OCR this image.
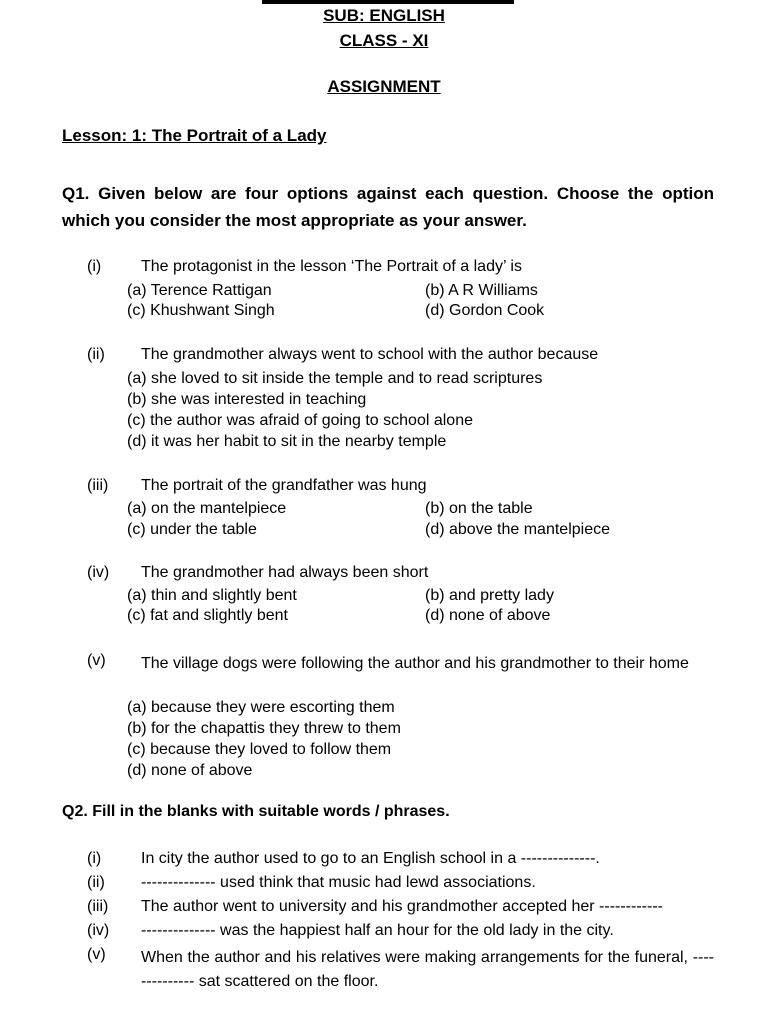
SUB: ENGLISH
CLASS - XI
ASSIGNMENT
Lesson: 1: The Portrait of a Lady
Q1. Given below are four options against each question. Choose the option which you consider the most appropriate as your answer.
(i) The protagonist in the lesson ‘The Portrait of a lady’ is
(a) Terence Rattigan	(b) A R Williams
(c) Khushwant Singh	(d) Gordon Cook
(ii) The grandmother always went to school with the author because
(a) she loved to sit inside the temple and to read scriptures
(b) she was interested in teaching
(c) the author was afraid of going to school alone
(d) it was her habit to sit in the nearby temple
(iii) The portrait of the grandfather was hung
(a) on the mantelpiece	(b) on the table
(c) under the table	(d) above the mantelpiece
(iv) The grandmother had always been short
(a) thin and slightly bent	(b) and pretty lady
(c) fat and slightly bent	(d) none of above
(v) The village dogs were following the author and his grandmother to their home
(a) because they were escorting them
(b) for the chapattis they threw to them
(c) because they loved to follow them
(d) none of above
Q2. Fill in the blanks with suitable words / phrases.
(i) In city the author used to go to an English school in a --------------.
(ii) -------------- used think that music had lewd associations.
(iii) The author went to university and his grandmother accepted her ------------
(iv) -------------- was the happiest half an hour for the old lady in the city.
(v) When the author and his relatives were making arrangements for the funeral, -------------- sat scattered on the floor.
